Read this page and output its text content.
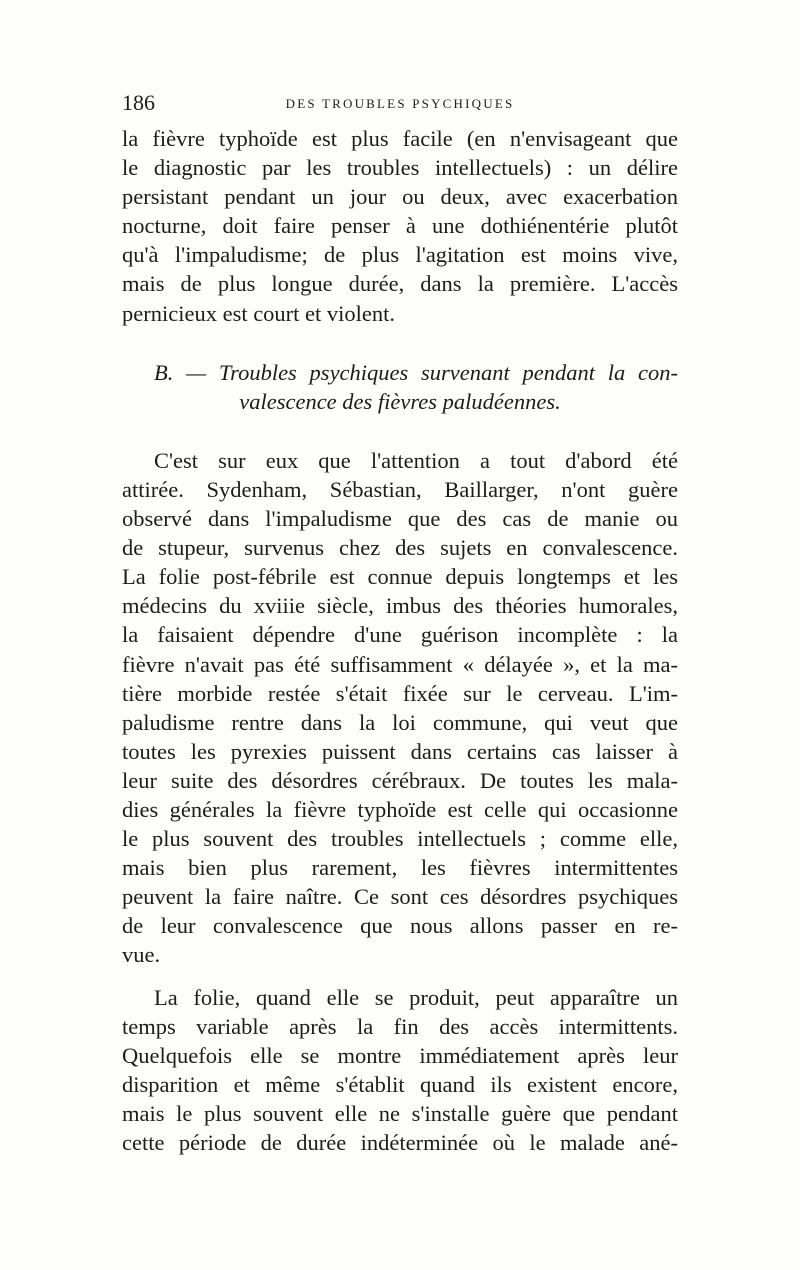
186	DES TROUBLES PSYCHIQUES
la fièvre typhoïde est plus facile (en n'envisageant que
le diagnostic par les troubles intellectuels) : un délire
persistant pendant un jour ou deux, avec exacerbation
nocturne, doit faire penser à une dothiénentérie plutôt
qu'à l'impaludisme; de plus l'agitation est moins vive,
mais de plus longue durée, dans la première. L'accès
pernicieux est court et violent.
B. — Troubles psychiques survenant pendant la con-
valescence des fièvres paludéennes.
C'est sur eux que l'attention a tout d'abord été
attirée. Sydenham, Sébastian, Baillarger, n'ont guère
observé dans l'impaludisme que des cas de manie ou
de stupeur, survenus chez des sujets en convalescence.
La folie post-fébrile est connue depuis longtemps et les
médecins du xviiie siècle, imbus des théories humorales,
la faisaient dépendre d'une guérison incomplète : la
fièvre n'avait pas été suffisamment « délayée », et la ma-
tière morbide restée s'était fixée sur le cerveau. L'im-
paludisme rentre dans la loi commune, qui veut que
toutes les pyrexies puissent dans certains cas laisser à
leur suite des désordres cérébraux. De toutes les mala-
dies générales la fièvre typhoïde est celle qui occasionne
le plus souvent des troubles intellectuels ; comme elle,
mais bien plus rarement, les fièvres intermittentes
peuvent la faire naître. Ce sont ces désordres psychiques
de leur convalescence que nous allons passer en re-
vue.
La folie, quand elle se produit, peut apparaître un
temps variable après la fin des accès intermittents.
Quelquefois elle se montre immédiatement après leur
disparition et même s'établit quand ils existent encore,
mais le plus souvent elle ne s'installe guère que pendant
cette période de durée indéterminée où le malade ané-
